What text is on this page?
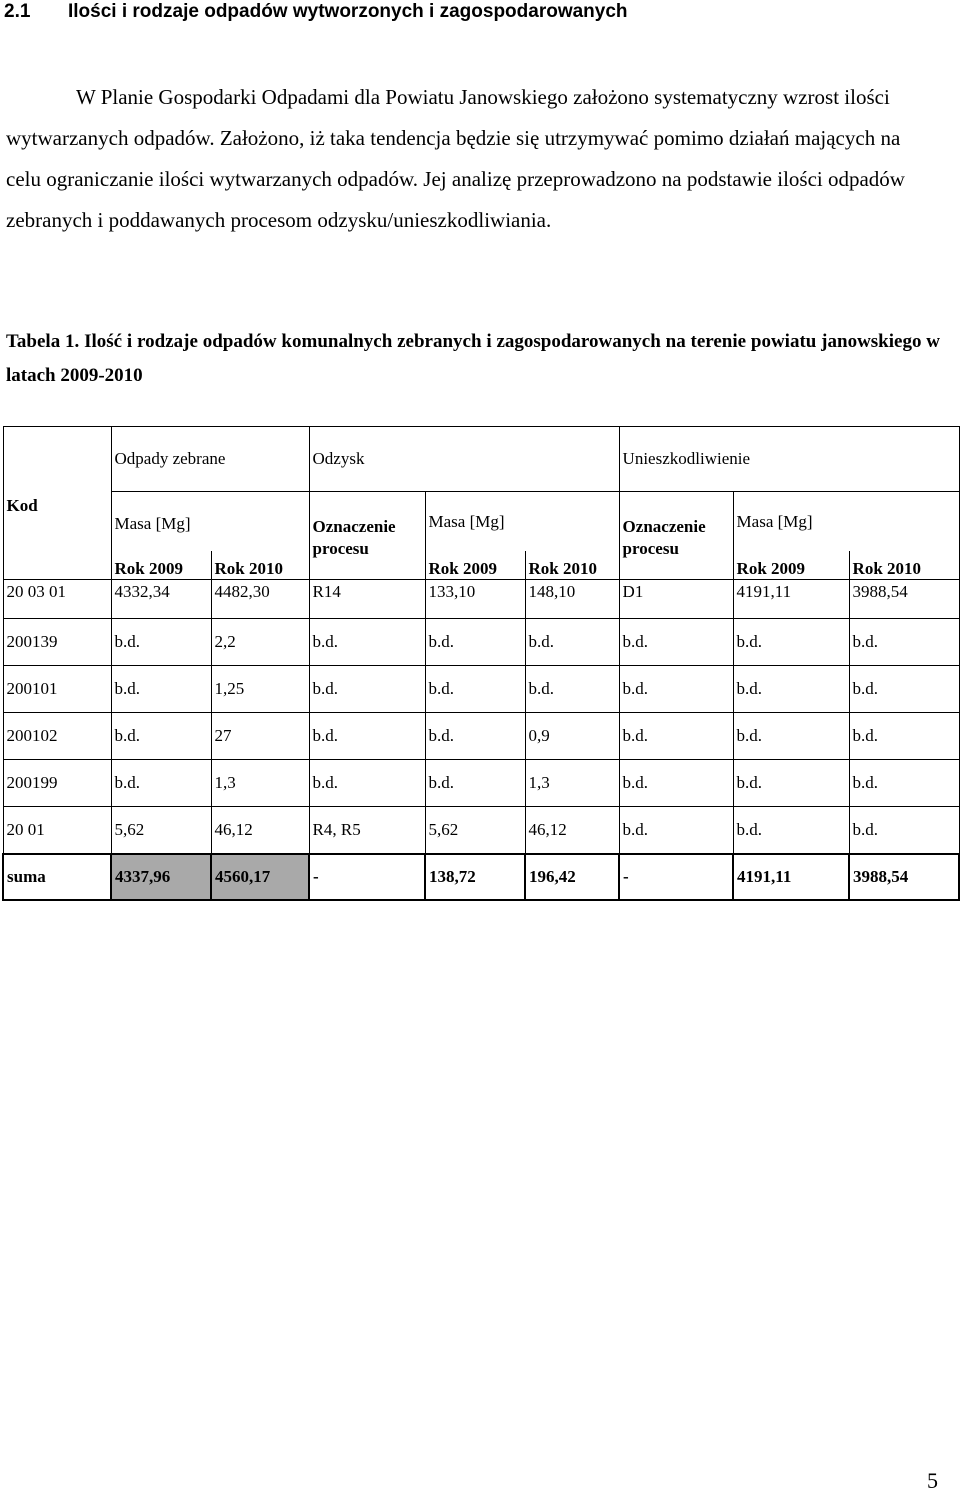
2.1 Ilości i rodzaje odpadów wytworzonych i zagospodarowanych
W Planie Gospodarki Odpadami dla Powiatu Janowskiego założono systematyczny wzrost ilości wytwarzanych odpadów. Założono, iż taka tendencja będzie się utrzymywać pomimo działań mających na celu ograniczanie ilości wytwarzanych odpadów. Jej analizę przeprowadzono na podstawie ilości odpadów zebranych i poddawanych procesom odzysku/unieszkodliwiania.
Tabela 1. Ilość i rodzaje odpadów komunalnych zebranych i zagospodarowanych na terenie powiatu janowskiego w latach 2009-2010
	Odpady zebrane		Odzysk			Unieszkodliwienie		
Kod	Masa [Mg]		Oznaczenie procesu	Masa [Mg]		Oznaczenie procesu	Masa [Mg]	
	Rok 2009	Rok 2010		Rok 2009	Rok 2010		Rok 2009	Rok 2010
20 03 01	4332,34	4482,30	R14	133,10	148,10	D1	4191,11	3988,54
200139	b.d.	2,2	b.d.	b.d.	b.d.	b.d.	b.d.	b.d.
200101	b.d.	1,25	b.d.	b.d.	b.d.	b.d.	b.d.	b.d.
200102	b.d.	27	b.d.	b.d.	0,9	b.d.	b.d.	b.d.
200199	b.d.	1,3	b.d.	b.d.	1,3	b.d.	b.d.	b.d.
20 01	5,62	46,12	R4, R5	5,62	46,12	b.d.	b.d.	b.d.
suma	4337,96	4560,17	-	138,72	196,42	-	4191,11	3988,54
5
